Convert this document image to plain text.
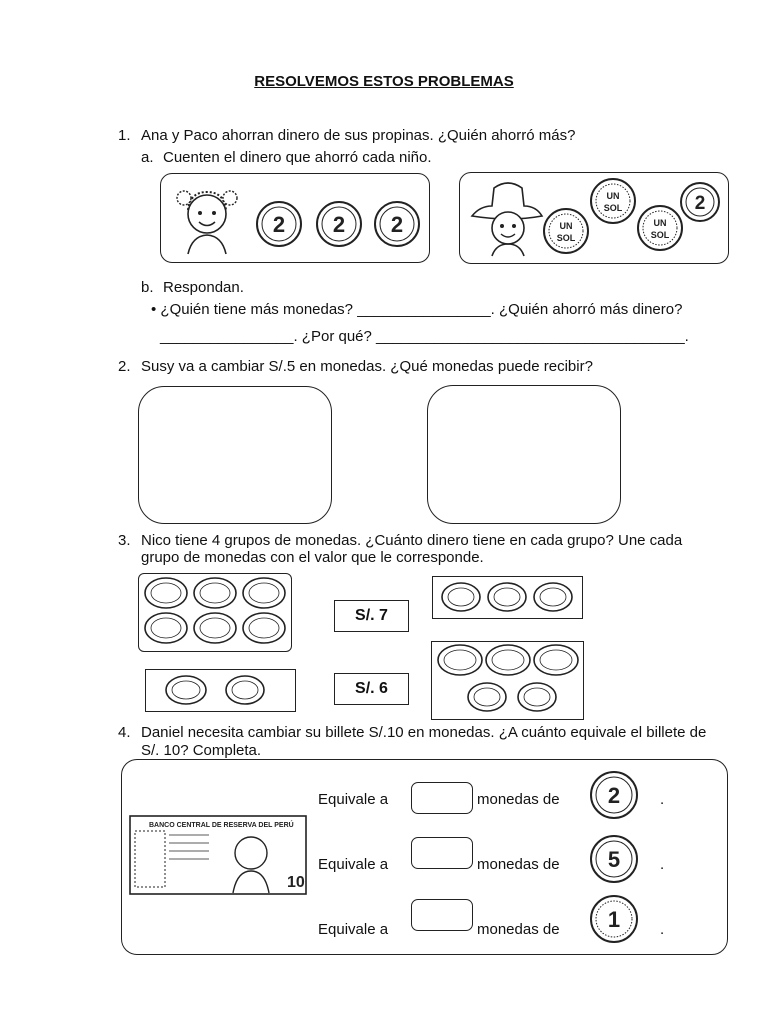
RESOLVEMOS ESTOS PROBLEMAS
1. Ana y Paco ahorran dinero de sus propinas. ¿Quién ahorró más?
a. Cuenten el dinero que ahorró cada niño.
2 2 2	UN
SOL
UN
SOL
UN
SOL
2
b. Respondan.
• ¿Quién tiene más monedas? ________________. ¿Quién ahorró más dinero?
________________. ¿Por qué? _____________________________________.
2. Susy va a cambiar S/.5 en monedas. ¿Qué monedas puede recibir?
3. Nico tiene 4 grupos de monedas. ¿Cuánto dinero tiene en cada grupo? Une cada
grupo de monedas con el valor que le corresponde.
S/. 7
S/. 6
4. Daniel necesita cambiar su billete S/.10 en monedas. ¿A cuánto equivale el billete de
S/. 10? Completa.
BANCO CENTRAL DE RESERVA DEL PERÚ
10
Equivale a	monedas de 2	.
Equivale a	monedas de 5	.
Equivale a	monedas de 1	.
